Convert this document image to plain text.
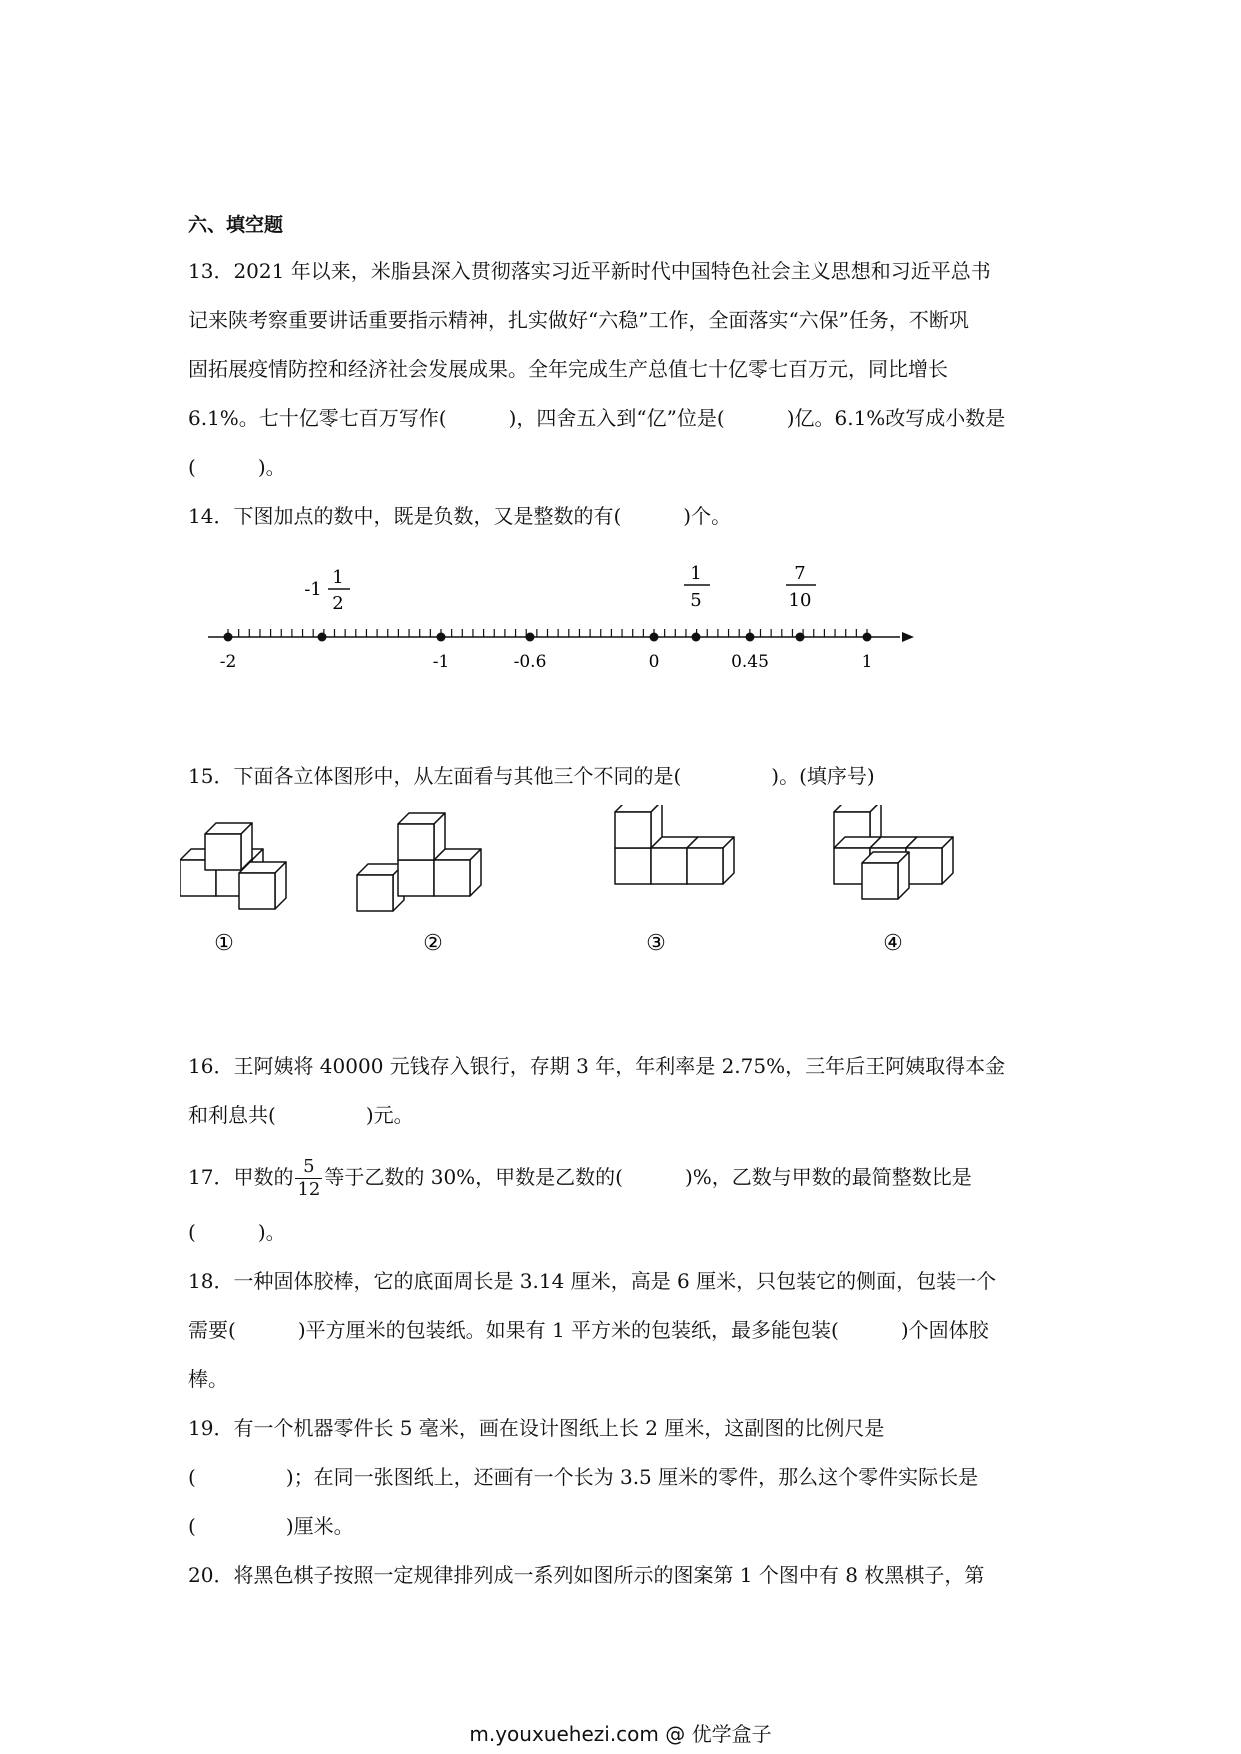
六、填空题
13．2021 年以来，米脂县深入贯彻落实习近平新时代中国特色社会主义思想和习近平总书
记来陕考察重要讲话重要指示精神，扎实做好“六稳”工作，全面落实“六保”任务，不断巩
固拓展疫情防控和经济社会发展成果。全年完成生产总值七十亿零七百万元，同比增长
6.1%。七十亿零七百万写作(	)，四舍五入到“亿”位是(	)亿。6.1%改写成小数是
(	)。
14．下图加点的数中，既是负数，又是整数的有(	)个。
-2	-1	-0.6	0	0.45	1
-1
1
2
1
5
7
10
15．下面各立体图形中，从左面看与其他三个不同的是(	)。(填序号)
①	②	③	④
16．王阿姨将 40000 元钱存入银行，存期 3 年，年利率是 2.75%，三年后王阿姨取得本金
和利息共(	)元。
17．甲数的 $\frac{5}{12}$ 等于乙数的 30%，甲数是乙数的(	)%，乙数与甲数的最简整数比是
(	)。
18．一种固体胶棒，它的底面周长是 3.14 厘米，高是 6 厘米，只包装它的侧面，包装一个
需要(	)平方厘米的包装纸。如果有 1 平方米的包装纸，最多能包装(	)个固体胶
棒。
19．有一个机器零件长 5 毫米，画在设计图纸上长 2 厘米，这副图的比例尺是
(	)；在同一张图纸上，还画有一个长为 3.5 厘米的零件，那么这个零件实际长是
(	)厘米。
20．将黑色棋子按照一定规律排列成一系列如图所示的图案第 1 个图中有 8 枚黑棋子，第
m.youxuehezi.com @ 优学盒子
